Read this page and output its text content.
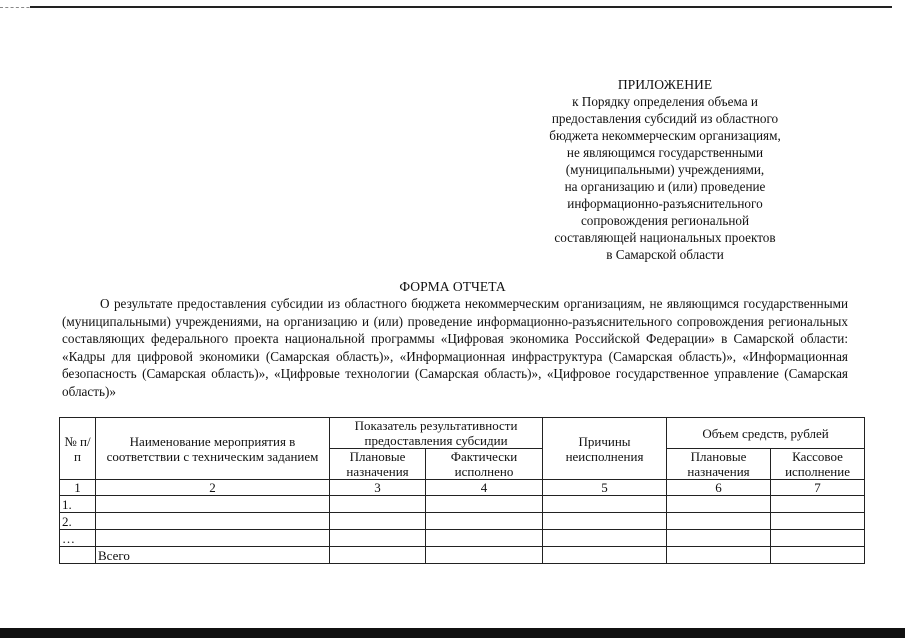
ПРИЛОЖЕНИЕ
к Порядку определения объема и
предоставления субсидий из областного
бюджета некоммерческим организациям,
не являющимся государственными
(муниципальными) учреждениями,
на организацию и (или) проведение
информационно-разъяснительного
сопровождения региональной
составляющей национальных проектов
в Самарской области
ФОРМА ОТЧЕТА
О результате предоставления субсидии из областного бюджета некоммерческим организациям, не являющимся государственными (муниципальными) учреждениями, на организацию и (или) проведение информационно-разъяснительного сопровождения региональных составляющих федерального проекта национальной программы «Цифровая экономика Российской Федерации» в Самарской области: «Кадры для цифровой экономики (Самарская область)», «Информационная инфраструктура (Самарская область)», «Информационная безопасность (Самарская область)», «Цифровые технологии (Самарская область)», «Цифровое государственное управление (Самарская область)»
№ п/п	Наименование мероприятия в соответствии с техническим заданием	Показатель результативности предоставления субсидии		Причины неисполнения	Объем средств, рублей	
		Плановые назначения	Фактически исполнено		Плановые назначения	Кассовое исполнение
1	2	3	4	5	6	7
1.						
2.						
…						
	Всего					
